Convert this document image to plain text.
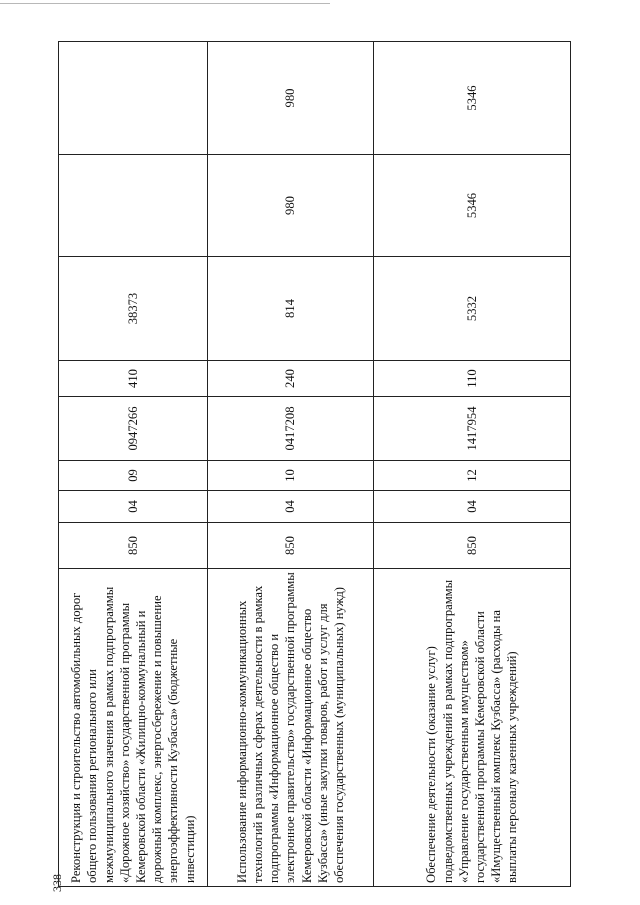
338 Реконструкция и строительство автомобильных дорог общего пользования регионального или межмуниципального значения в рамках подпрограммы «Дорожное хозяйство» государственной программы Кемеровской области «Жилищно-коммунальный и дорожный комплекс, энергосбережение и повышение энергоэффективности Кузбасса» (бюджетные инвестиции)	850	04	09	0947266	410	38373		
Использование информационно-коммуникационных технологий в различных сферах деятельности в рамках подпрограммы «Информационное общество и электронное правительство» государственной программы Кемеровской области «Информационное общество Кузбасса» (иные закупки товаров, работ и услуг для обеспечения государственных (муниципальных) нужд)	850	04	10	0417208	240	814	980	980
Обеспечение деятельности (оказание услуг) подведомственных учреждений в рамках подпрограммы «Управление государственным имуществом» государственной программы Кемеровской области «Имущественный комплекс Кузбасса» (расходы на выплаты персоналу казенных учреждений)	850	04	12	1417954	110	5332	5346	5346
